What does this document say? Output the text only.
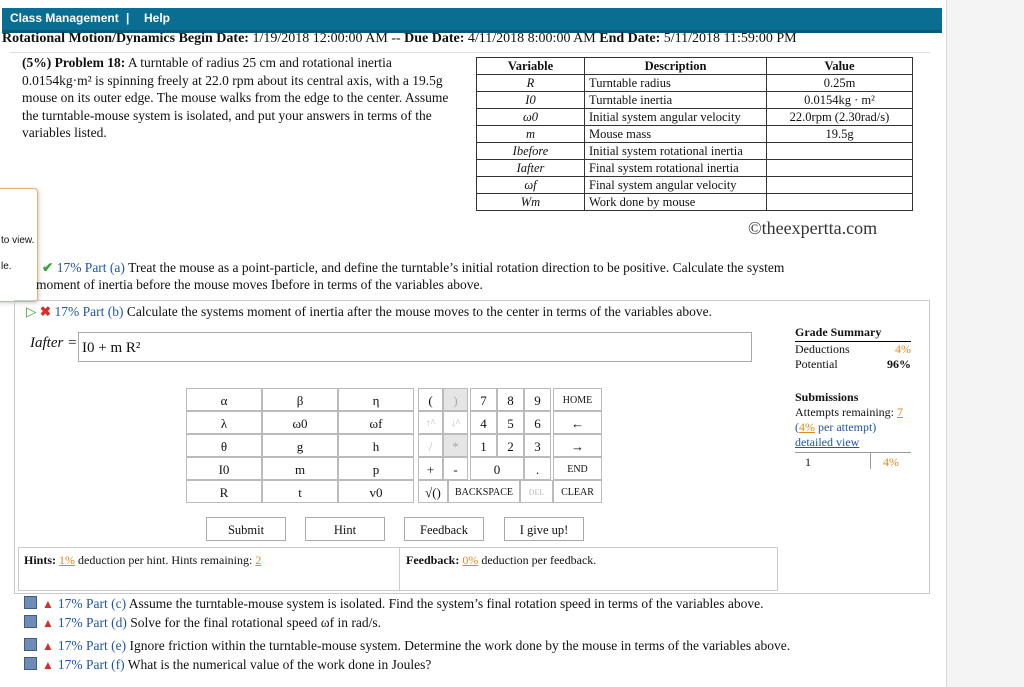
Class Management | Help
Rotational Motion/Dynamics Begin Date: 1/19/2018 12:00:00 AM -- Due Date: 4/11/2018 8:00:00 AM End Date: 5/11/2018 11:59:00 PM
(5%) Problem 18: A turntable of radius 25 cm and rotational inertia 0.0154kg·m² is spinning freely at 22.0 rpm about its central axis, with a 19.5g mouse on its outer edge. The mouse walks from the edge to the center. Assume the turntable-mouse system is isolated, and put your answers in terms of the variables listed.
Variable	Description	Value
R	Turntable radius	0.25m
I0	Turntable inertia	0.0154kg · m²
ω0	Initial system angular velocity	22.0rpm (2.30rad/s)
m	Mouse mass	19.5g
Ibefore	Initial system rotational inertia	
Iafter	Final system rotational inertia	
ωf	Final system angular velocity	
Wm	Work done by mouse	
©theexpertta.com
to view.
le. ✔ 17% Part (a) Treat the mouse as a point-particle, and define the turntable’s initial rotation direction to be positive. Calculate the system
moment of inertia before the mouse moves Ibefore in terms of the variables above.
▷ ✖ 17% Part (b) Calculate the systems moment of inertia after the mouse moves to the center in terms of the variables above.
Iafter = I0 + m R²
Grade Summary
Deductions	4%
Potential	96%
Submissions
Attempts remaining: 7
(4% per attempt)
detailed view
1	4%
α	β	η
λ	ω0	ωf
θ	g	h
I0	m	p
R	t	v0
(	)
↑^	↓^
/	*
+	-
√()
7	8	9
4	5	6
1	2	3
0	.
HOME
←
→
END
BACKSPACE	DEL	CLEAR
Submit	Hint	Feedback	I give up!
Hints: 1% deduction per hint. Hints remaining: 2	Feedback: 0% deduction per feedback.
▲ 17% Part (c) Assume the turntable-mouse system is isolated. Find the system’s final rotation speed in terms of the variables above.
▲ 17% Part (d) Solve for the final rotational speed ωf in rad/s.
▲ 17% Part (e) Ignore friction within the turntable-mouse system. Determine the work done by the mouse in terms of the variables above.
▲ 17% Part (f) What is the numerical value of the work done in Joules?
